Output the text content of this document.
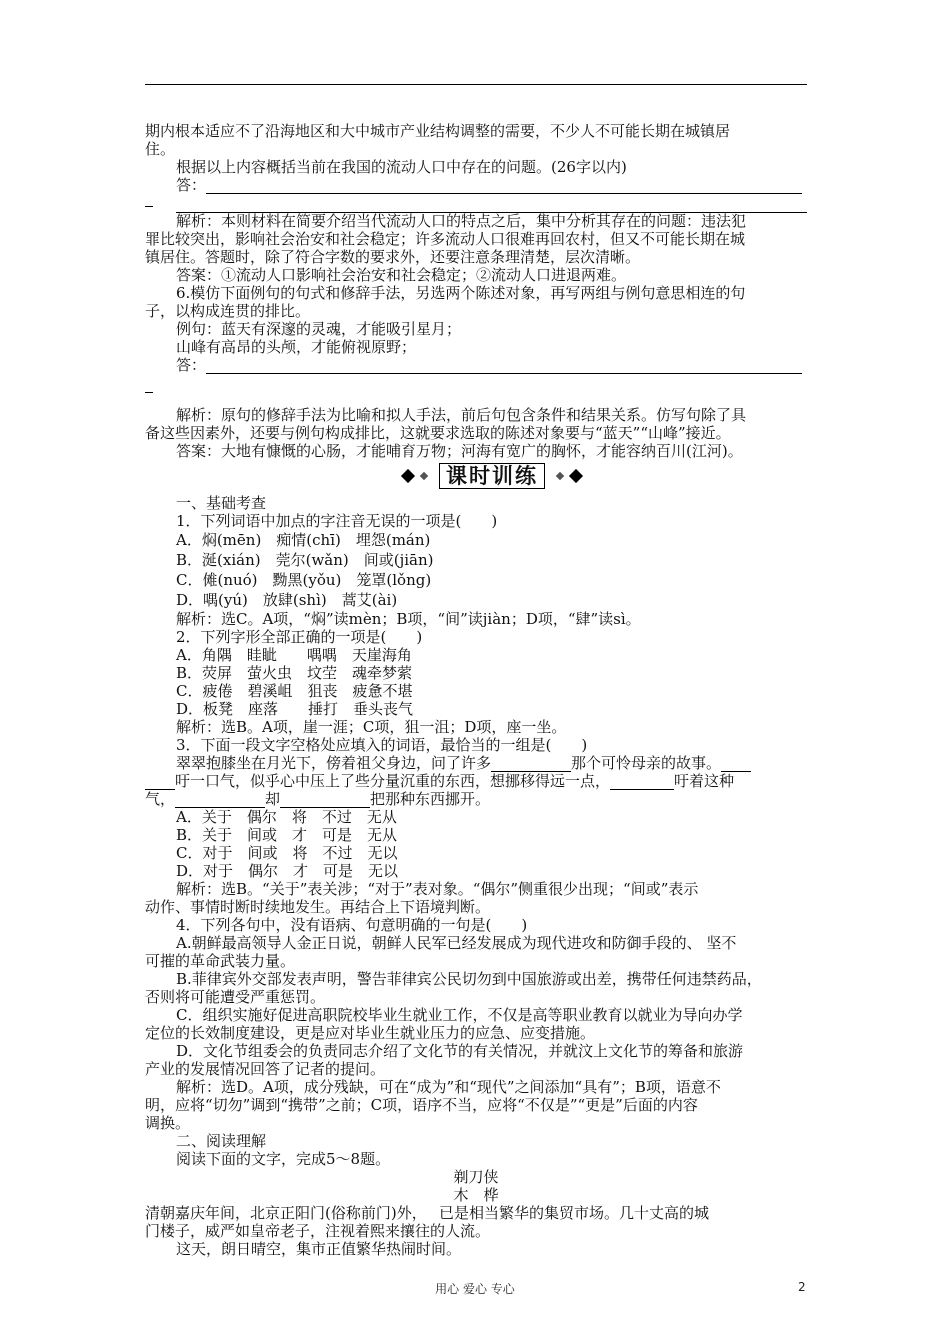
期内根本适应不了沿海地区和大中城市产业结构调整的需要，不少人不可能长期在城镇居
住。
根据以上内容概括当前在我国的流动人口中存在的问题。(26字以内)
答：
解析：本则材料在简要介绍当代流动人口的特点之后，集中分析其存在的问题：违法犯
罪比较突出，影响社会治安和社会稳定；许多流动人口很难再回农村，但又不可能长期在城
镇居住。答题时，除了符合字数的要求外，还要注意条理清楚，层次清晰。
答案：①流动人口影响社会治安和社会稳定；②流动人口进退两难。
6.模仿下面例句的句式和修辞手法，另选两个陈述对象，再写两组与例句意思相连的句
子，以构成连贯的排比。
例句：蓝天有深邃的灵魂，才能吸引星月；
山峰有高昂的头颅，才能俯视原野；
答：
解析：原句的修辞手法为比喻和拟人手法，前后句包含条件和结果关系。仿写句除了具
备这些因素外，还要与例句构成排比，这就要求选取的陈述对象要与“蓝天”“山峰”接近。
答案：大地有慷慨的心肠，才能哺育万物；河海有宽广的胸怀，才能容纳百川(江河)。
课时训练
一、基础考查
1．下列词语中加点的字注音无误的一项是(　　)
A．焖(mēn)　痴情(chī)　埋怨(mán)
B．涎(xián)　莞尔(wǎn)　间或(jiān)
C．傩(nuó)　黝黑(yǒu)　笼罩(lǒng)
D．喁(yú)　放肆(shì)　蒿艾(ài)
解析：选C。A项，“焖”读mèn；B项，“间”读jiàn；D项，“肆”读sì。
2．下列字形全部正确的一项是(　　)
A．角隅　眭眦　　喁喁　天崖海角
B．荧屏　萤火虫　坟茔　魂牵梦萦
C．疲倦　碧溪岨　狙丧　疲惫不堪
D．板凳　座落　　捶打　垂头丧气
解析：选B。A项，崖一涯；C项，狙一沮；D项，座一坐。
3．下面一段文字空格处应填入的词语，最恰当的一组是(　　)
翠翠抱膝坐在月光下，傍着祖父身边，问了许多	那个可怜母亲的故事。
吁一口气，似乎心中压上了些分量沉重的东西，想挪移得远一点，	吁着这种
气，	却	把那种东西挪开。
A．关于　偶尔　将　不过　无从
B．关于　间或　才　可是　无从
C．对于　间或　将　不过　无以
D．对于　偶尔　才　可是　无以
解析：选B。“关于”表关涉；“对于”表对象。“偶尔”侧重很少出现；“间或”表示
动作、事情时断时续地发生。再结合上下语境判断。
4．下列各句中，没有语病、句意明确的一句是(　　)
A.朝鲜最高领导人金正日说，朝鲜人民军已经发展成为现代进攻和防御手段的、 坚不
可摧的革命武装力量。
B.菲律宾外交部发表声明，警告菲律宾公民切勿到中国旅游或出差，携带任何违禁药品，
否则将可能遭受严重惩罚。
C．组织实施好促进高职院校毕业生就业工作，不仅是高等职业教育以就业为导向办学
定位的长效制度建设，更是应对毕业生就业压力的应急、应变措施。
D．文化节组委会的负责同志介绍了文化节的有关情况，并就汶上文化节的筹备和旅游
产业的发展情况回答了记者的提问。
解析：选D。A项，成分残缺，可在“成为”和“现代”之间添加“具有”；B项，语意不
明，应将“切勿”调到“携带”之前；C项，语序不当，应将“不仅是”“更是”后面的内容
调换。
二、阅读理解
阅读下面的文字，完成5～8题。
剃刀侠
木　桦
清朝嘉庆年间，北京正阳门(俗称前门)外，　 已是相当繁华的集贸市场。几十丈高的城
门楼子，威严如皇帝老子，注视着熙来攘往的人流。
这天，朗日晴空，集市正值繁华热闹时间。
用心 爱心 专心	2
